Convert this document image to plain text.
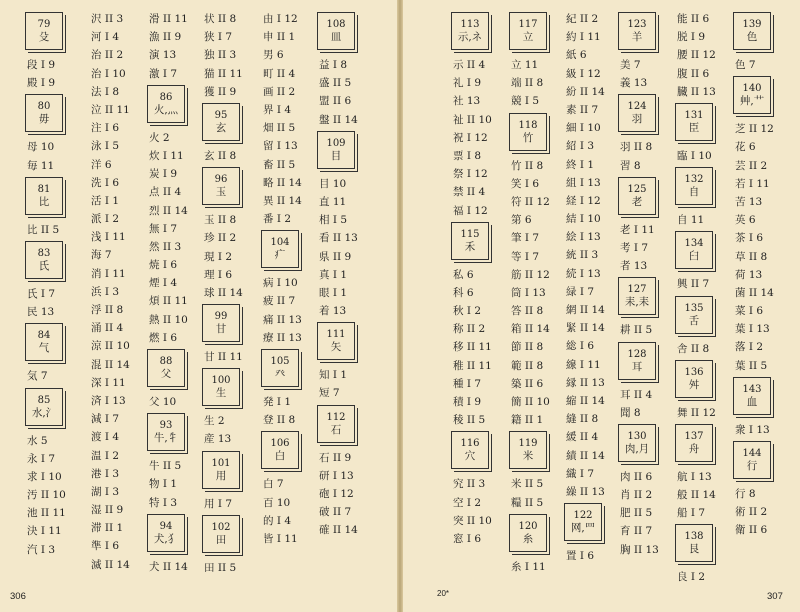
79
殳
段 I 9
殿 I 9
80
毋
母 10
毎 11
81
比
比 II 5
83
氏
氏 I 7
民 13
84
气
気 7
85
水,氵
水 5
永 I 7
求 I 10
汚 II 10
池 II 11
決 I 11
汽 I 3
沢 II 3
河 I 4
治 II 2
治 I 10
法 I 8
泣 II 11
注 I 6
泳 I 5
洋 6
洗 I 6
活 I 1
派 I 2
浅 I 11
海 7
消 I 11
浜 I 3
浮 II 8
涌 II 4
涼 II 10
混 II 14
深 I 11
済 I 13
減 I 7
渡 I 4
温 I 2
港 I 3
湖 I 3
湿 II 9
滞 II 1
準 I 6
滅 II 14
滑 II 11
漁 II 9
演 13
激 I 7
86
火,灬
火 2
炊 I 11
炭 I 9
点 II 4
烈 II 14
無 I 7
然 II 3
焼 I 6
煙 I 4
煩 II 11
熱 II 10
燃 I 6
88
父
父 10
93
牛,牜
牛 II 5
物 I 1
特 I 3
94
犬,犭
犬 II 14
状 II 8
狭 I 7
独 II 3
猫 II 11
獲 II 9
95
玄
玄 II 8
96
玉
玉 II 8
珍 II 2
現 I 2
理 I 6
球 II 14
99
甘
甘 II 11
100
生
生 2
産 13
101
用
用 I 7
102
田
田 II 5
由 I 12
申 II 1
男 6
町 II 4
画 II 2
界 I 4
畑 II 5
留 I 13
畜 II 5
略 II 14
異 II 14
番 I 2
104
疒
病 I 10
疲 II 7
痛 II 13
療 II 13
105
癶
発 I 1
登 II 8
106
白
白 7
百 10
的 I 4
皆 I 11
108
皿
益 I 8
盛 II 5
盟 II 6
盤 II 14
109
目
目 10
直 11
相 I 5
看 II 13
県 II 9
真 I 1
眼 I 1
着 13
111
矢
知 I 1
短 7
112
石
石 II 9
研 I 13
砲 I 12
破 II 7
確 II 14
113
示,ネ
示 II 4
礼 I 9
社 13
祉 II 10
祝 I 12
票 I 8
祭 I 12
禁 II 4
福 I 12
115
禾
私 6
科 6
秋 I 2
称 II 2
移 II 11
稚 II 11
種 I 7
積 I 9
稜 II 5
116
穴
究 II 3
空 I 2
突 II 10
窓 I 6
117
立
立 11
端 II 8
競 I 5
118
竹
竹 II 8
笑 I 6
符 II 12
第 6
筆 I 7
等 I 7
筋 II 12
筒 I 13
答 II 8
箱 II 14
節 II 8
範 II 8
築 II 6
簡 II 10
籍 II 1
119
米
米 II 5
糧 II 5
120
糸
糸 I 11
紀 II 2
約 I 11
紙 6
級 I 12
紛 II 14
素 II 7
細 I 10
紹 I 3
終 I 1
組 I 13
経 I 12
結 I 10
絵 I 13
統 II 3
続 I 13
緑 I 7
網 II 14
緊 II 14
総 I 6
線 I 11
縁 II 13
縮 II 14
縫 II 8
緩 II 4
績 II 14
織 I 7
繰 II 13
122
网,罒
置 I 6
123
羊
美 7
義 13
124
羽
羽 II 8
習 8
125
老
老 I 11
考 I 7
者 13
127
耒,耒
耕 II 5
128
耳
耳 II 4
聞 8
130
肉,月
肉 II 6
肖 II 2
肥 II 5
育 II 7
胸 II 13
能 II 6
脱 I 9
腰 II 12
腹 II 6
臓 II 13
131
臣
臨 I 10
132
自
自 11
134
臼
興 II 7
135
舌
舎 II 8
136
舛
舞 II 12
137
舟
航 I 13
般 II 14
船 I 7
138
艮
良 I 2
139
色
色 7
140
艸,艹
芝 II 12
花 6
芸 II 2
若 I 11
苦 13
英 6
茶 I 6
草 II 8
荷 13
菌 II 14
菜 I 6
葉 I 13
落 I 2
葉 II 5
143
血
衆 I 13
144
行
行 8
術 II 2
衛 II 6
306	20*	307
